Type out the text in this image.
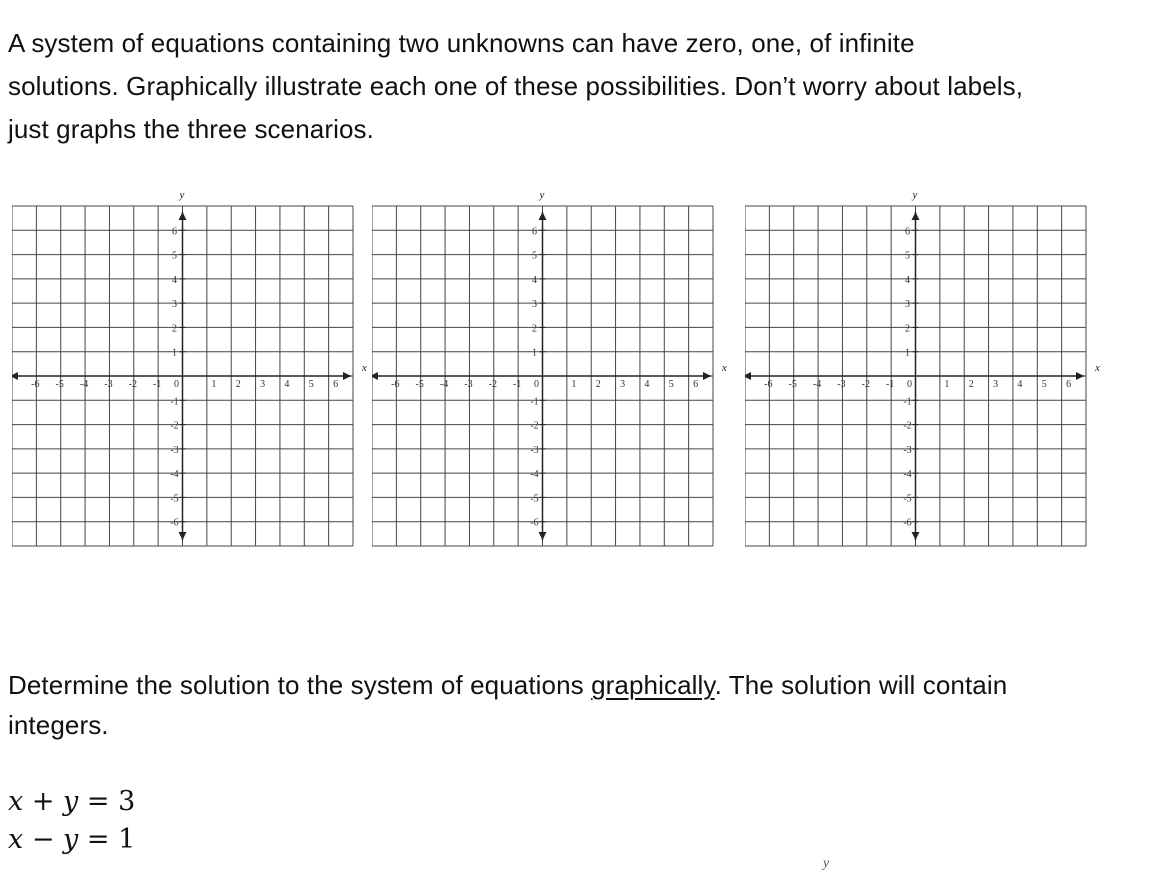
A system of equations containing two unknowns can have zero, one, of infinite
solutions. Graphically illustrate each one of these possibilities. Don’t worry about labels,
just graphs the three scenarios.

y
x
-6 -5 -4 -3 -2 -1 0	1 2 3 4 5 6
6
5
4
3
2
1
-1
-2
-3
-4
-5
-6
y
x
-6 -5 -4 -3 -2 -1 0	1 2 3 4 5 6
6
5
4
3
2
1
-1
-2
-3
-4
-5
-6
y
x
-6 -5 -4 -3 -2 -1 0	1 2 3 4 5 6
6
5
4
3
2
1
-1
-2
-3
-4
-5
-6

Determine the solution to the system of equations graphically. The solution will contain
integers.

x + y = 3
x − y = 1
y
